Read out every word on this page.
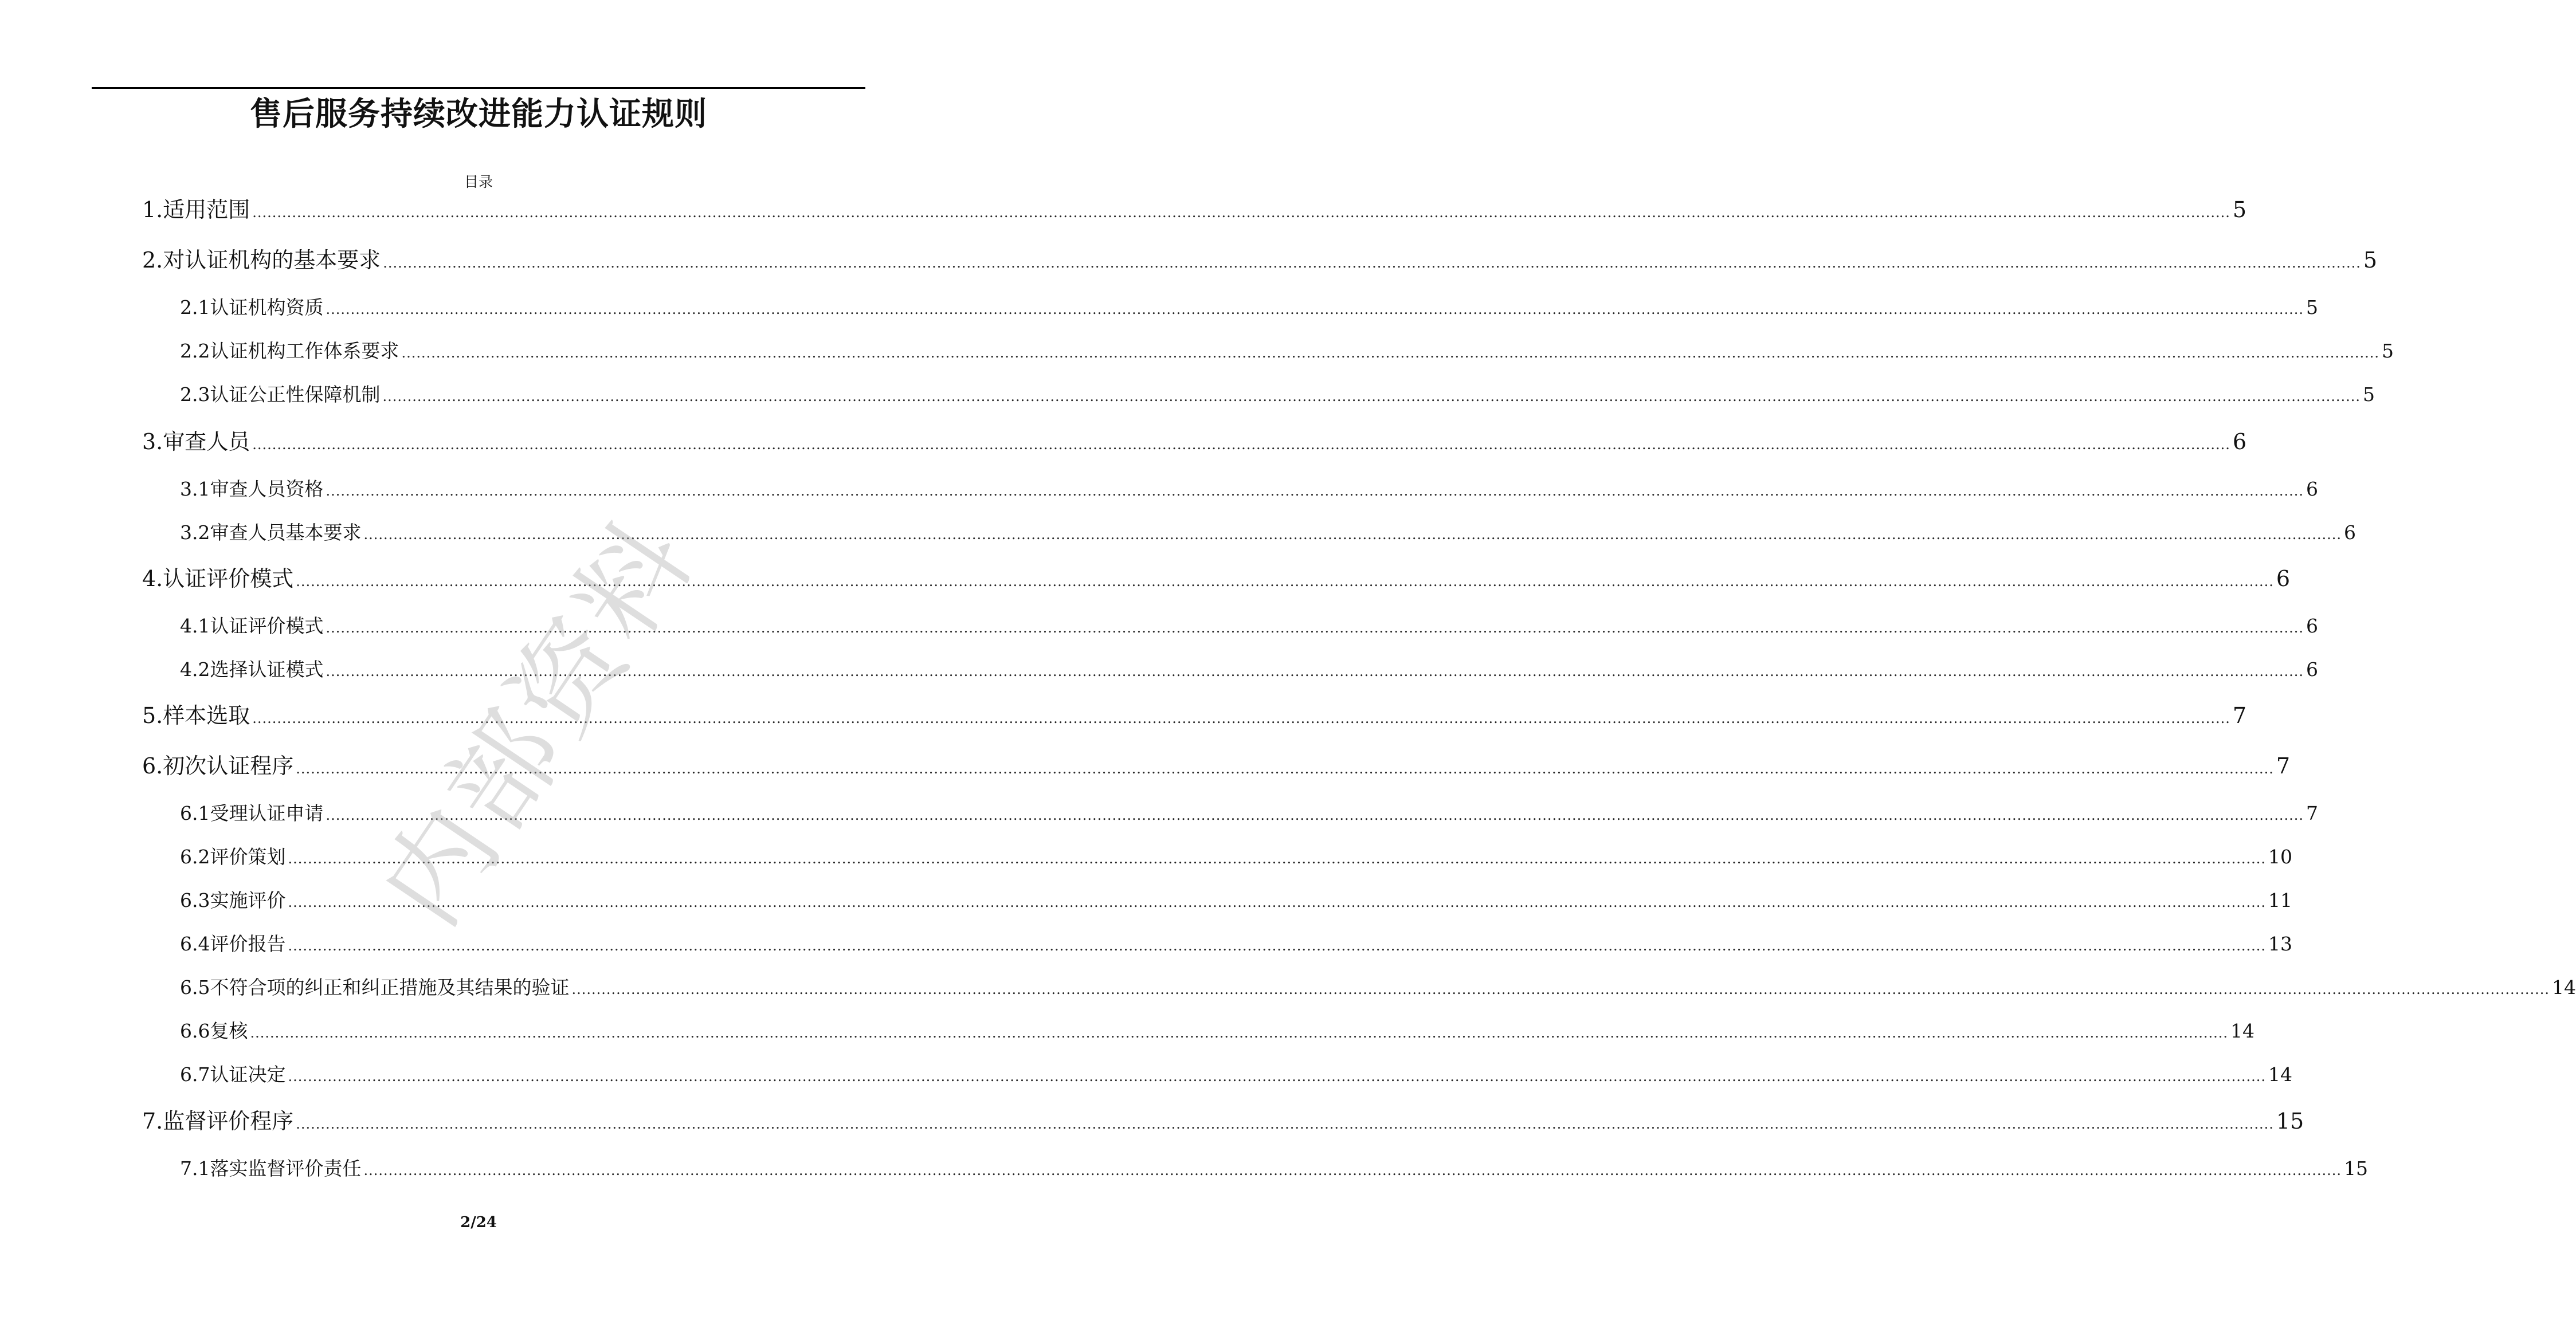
售后服务持续改进能力认证规则
目录
1. 适用范围 ................................................................................................................................................................................................................................................................................................................................................................................................................ 5
2. 对认证机构的基本要求 ................................................................................................................................................................................................................................................................................................................................................................................................................ 5
2.1 认证机构资质 ................................................................................................................................................................................................................................................................................................................................................................................................................ 5
2.2 认证机构工作体系要求 ................................................................................................................................................................................................................................................................................................................................................................................................................ 5
2.3 认证公正性保障机制 ................................................................................................................................................................................................................................................................................................................................................................................................................ 5
3. 审查人员 ................................................................................................................................................................................................................................................................................................................................................................................................................ 6
3.1 审查人员资格 ................................................................................................................................................................................................................................................................................................................................................................................................................ 6
3.2 审查人员基本要求 ................................................................................................................................................................................................................................................................................................................................................................................................................ 6
4. 认证评价模式 ................................................................................................................................................................................................................................................................................................................................................................................................................ 6
4.1 认证评价模式 ................................................................................................................................................................................................................................................................................................................................................................................................................ 6
4.2 选择认证模式 ................................................................................................................................................................................................................................................................................................................................................................................................................ 6
5. 样本选取 ................................................................................................................................................................................................................................................................................................................................................................................................................ 7
6. 初次认证程序 ................................................................................................................................................................................................................................................................................................................................................................................................................ 7
6.1 受理认证申请 ................................................................................................................................................................................................................................................................................................................................................................................................................ 7
6.2 评价策划 ................................................................................................................................................................................................................................................................................................................................................................................................................ 10
6.3 实施评价 ................................................................................................................................................................................................................................................................................................................................................................................................................ 11
6.4 评价报告 ................................................................................................................................................................................................................................................................................................................................................................................................................ 13
6.5 不符合项的纠正和纠正措施及其结果的验证 ................................................................................................................................................................................................................................................................................................................................................................................................................ 14
6.6 复核 ................................................................................................................................................................................................................................................................................................................................................................................................................ 14
6.7 认证决定 ................................................................................................................................................................................................................................................................................................................................................................................................................ 14
7. 监督评价程序 ................................................................................................................................................................................................................................................................................................................................................................................................................ 15
7.1 落实监督评价责任 ................................................................................................................................................................................................................................................................................................................................................................................................................ 15
内部资料
2/24
